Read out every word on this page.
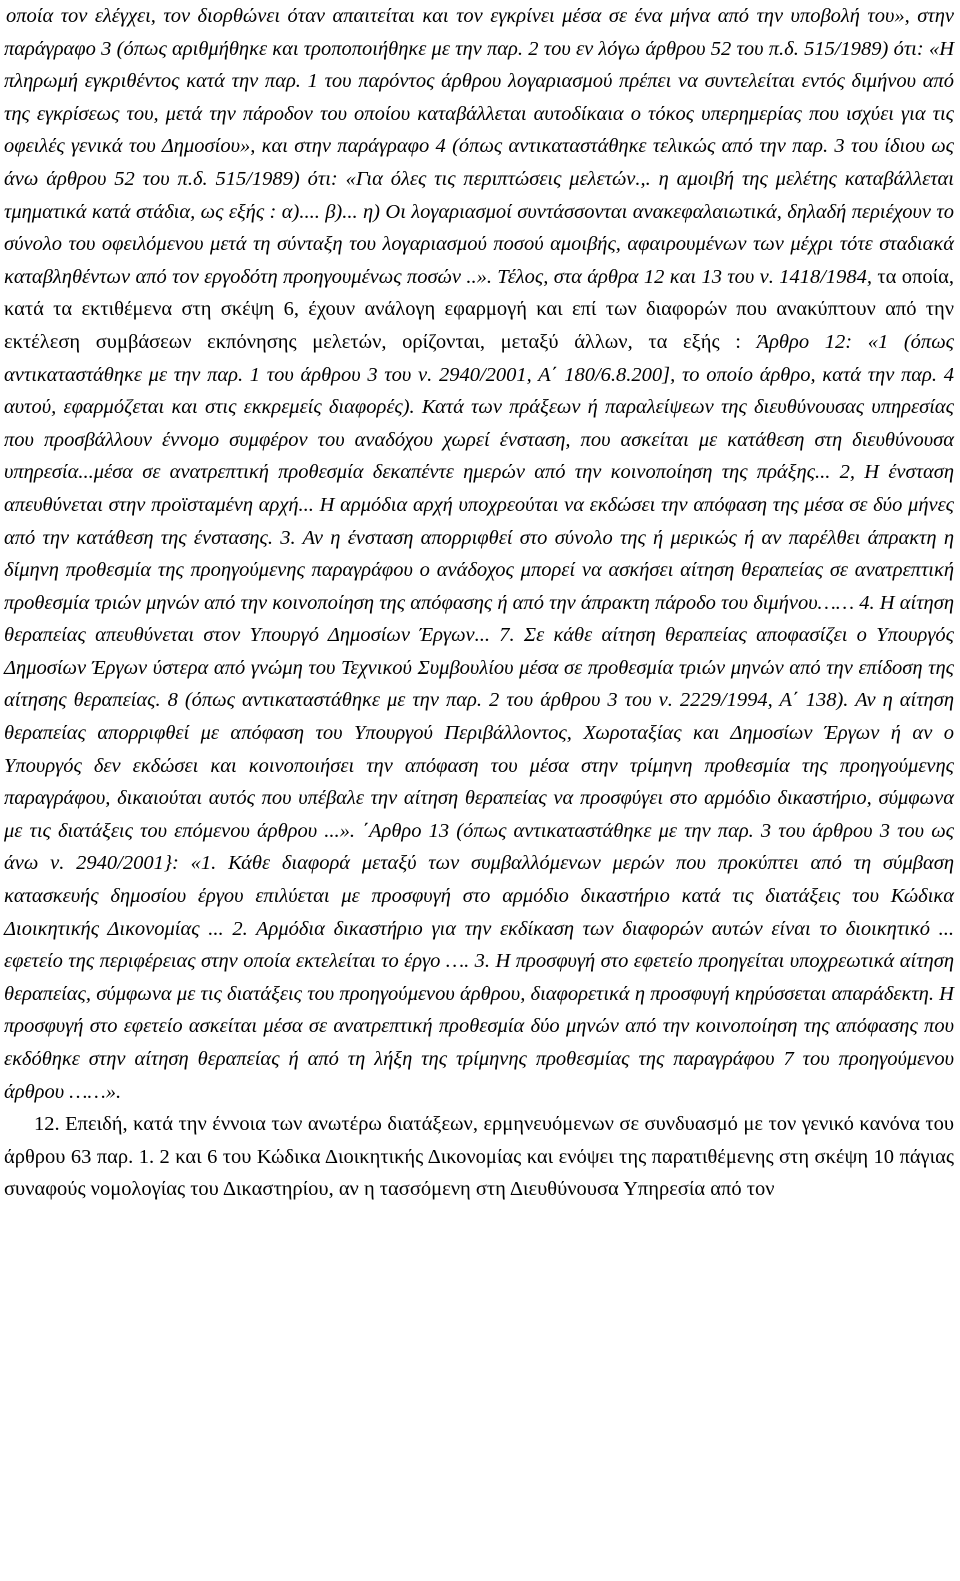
οποία τον ελέγχει, τον διορθώνει όταν απαιτείται και τον εγκρίνει μέσα σε ένα μήνα από την υποβολή του», στην παράγραφο 3 (όπως αριθμήθηκε και τροποποιήθηκε με την παρ. 2 του εν λόγω άρθρου 52 του π.δ. 515/1989) ότι: «Η πληρωμή εγκριθέντος κατά την παρ. 1 του παρόντος άρθρου λογαριασμού πρέπει να συντελείται εντός διμήνου από της εγκρίσεως του, μετά την πάροδον του οποίου καταβάλλεται αυτοδίκαια ο τόκος υπερημερίας που ισχύει για τις οφειλές γενικά του Δημοσίου», και στην παράγραφο 4 (όπως αντικαταστάθηκε τελικώς από την παρ. 3 του ίδιου ως άνω άρθρου 52 του π.δ. 515/1989) ότι: «Για όλες τις περιπτώσεις μελετών.,. η αμοιβή της μελέτης καταβάλλεται τμηματικά κατά στάδια, ως εξής : α).... β)... η) Οι λογαριασμοί συντάσσονται ανακεφαλαιωτικά, δηλαδή περιέχουν το σύνολο του οφειλόμενου μετά τη σύνταξη του λογαριασμού ποσού αμοιβής, αφαιρουμένων των μέχρι τότε σταδιακά καταβληθέντων από τον εργοδότη προηγουμένως ποσών ..». Τέλος, στα άρθρα 12 και 13 του ν. 1418/1984, τα οποία, κατά τα εκτιθέμενα στη σκέψη 6, έχουν ανάλογη εφαρμογή και επί των διαφορών που ανακύπτουν από την εκτέλεση συμβάσεων εκπόνησης μελετών, ορίζονται, μεταξύ άλλων, τα εξής : Άρθρο 12: «1 (όπως αντικαταστάθηκε με την παρ. 1 του άρθρου 3 του ν. 2940/2001, Α΄ 180/6.8.200], το οποίο άρθρο, κατά την παρ. 4 αυτού, εφαρμόζεται και στις εκκρεμείς διαφορές). Κατά των πράξεων ή παραλείψεων της διευθύνουσας υπηρεσίας που προσβάλλουν έννομο συμφέρον του αναδόχου χωρεί ένσταση, που ασκείται με κατάθεση στη διευθύνουσα υπηρεσία...μέσα σε ανατρεπτική προθεσμία δεκαπέντε ημερών από την κοινοποίηση της πράξης... 2, Η ένσταση απευθύνεται στην προϊσταμένη αρχή... Η αρμόδια αρχή υποχρεούται να εκδώσει την απόφαση της μέσα σε δύο μήνες από την κατάθεση της ένστασης. 3. Αν η ένσταση απορριφθεί στο σύνολο της ή μερικώς ή αν παρέλθει άπρακτη η δίμηνη προθεσμία της προηγούμενης παραγράφου ο ανάδοχος μπορεί να ασκήσει αίτηση θεραπείας σε ανατρεπτική προθεσμία τριών μηνών από την κοινοποίηση της απόφασης ή από την άπρακτη πάροδο του διμήνου…… 4. Η αίτηση θεραπείας απευθύνεται στον Υπουργό Δημοσίων Έργων... 7. Σε κάθε αίτηση θεραπείας αποφασίζει ο Υπουργός Δημοσίων Έργων ύστερα από γνώμη του Τεχνικού Συμβουλίου μέσα σε προθεσμία τριών μηνών από την επίδοση της αίτησης θεραπείας. 8 (όπως αντικαταστάθηκε με την παρ. 2 του άρθρου 3 του ν. 2229/1994, Α΄ 138). Αν η αίτηση θεραπείας απορριφθεί με απόφαση του Υπουργού Περιβάλλοντος, Χωροταξίας και Δημοσίων Έργων ή αν ο Υπουργός δεν εκδώσει και κοινοποιήσει την απόφαση του μέσα στην τρίμηνη προθεσμία της προηγούμενης παραγράφου, δικαιούται αυτός που υπέβαλε την αίτηση θεραπείας να προσφύγει στο αρμόδιο δικαστήριο, σύμφωνα με τις διατάξεις του επόμενου άρθρου ...». ΄Αρθρο 13 (όπως αντικαταστάθηκε με την παρ. 3 του άρθρου 3 του ως άνω ν. 2940/2001}: «1. Κάθε διαφορά μεταξύ των συμβαλλόμενων μερών που προκύπτει από τη σύμβαση κατασκευής δημοσίου έργου επιλύεται με προσφυγή στο αρμόδιο δικαστήριο κατά τις διατάξεις του Κώδικα Διοικητικής Δικονομίας ... 2. Αρμόδια δικαστήριο για την εκδίκαση των διαφορών αυτών είναι το διοικητικό ... εφετείο της περιφέρειας στην οποία εκτελείται το έργο …. 3. Η προσφυγή στο εφετείο προηγείται υποχρεωτικά αίτηση θεραπείας, σύμφωνα με τις διατάξεις του προηγούμενου άρθρου, διαφορετικά η προσφυγή κηρύσσεται απαράδεκτη. Η προσφυγή στο εφετείο ασκείται μέσα σε ανατρεπτική προθεσμία δύο μηνών από την κοινοποίηση της απόφασης που εκδόθηκε στην αίτηση θεραπείας ή από τη λήξη της τρίμηνης προθεσμίας της παραγράφου 7 του προηγούμενου άρθρου ……».

12. Επειδή, κατά την έννοια των ανωτέρω διατάξεων, ερμηνευόμενων σε συνδυασμό με τον γενικό κανόνα του άρθρου 63 παρ. 1. 2 και 6 του Κώδικα Διοικητικής Δικονομίας και ενόψει της παρατιθέμενης στη σκέψη 10 πάγιας συναφούς νομολογίας του Δικαστηρίου, αν η τασσόμενη στη Διευθύνουσα Υπηρεσία από τον
